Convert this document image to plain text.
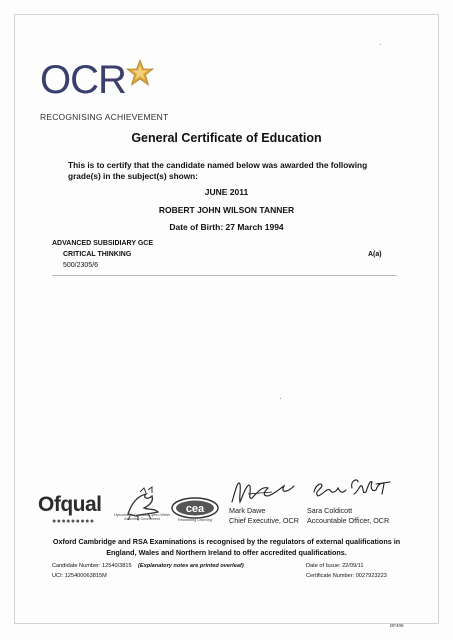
OCR
RECOGNISING ACHIEVEMENT
General Certificate of Education
This is to certify that the candidate named below was awarded the following grade(s) in the subject(s) shown:
JUNE 2011
ROBERT JOHN WILSON TANNER
Date of Birth: 27 March 1994
ADVANCED SUBSIDIARY GCE
CRITICAL THINKING
500/2305/6
A(a)
Ofqual
●●●●●●●●●
Llywodraeth Cynulliad Cymru Welsh Assembly Government
cea
Rewarding Learning
Mark Dawe
Chief Executive, OCR
Sara Coldicott
Accountable Officer, OCR
Oxford Cambridge and RSA Examinations is recognised by the regulators of external qualifications in England, Wales and Northern Ireland to offer accredited qualifications.
Candidate Number: 12540/3815
UCI: 125400063815M
(Explanatory notes are printed overleaf)	Date of Issue: 22/09/11
Certificate Number: 0027923223
DF406
